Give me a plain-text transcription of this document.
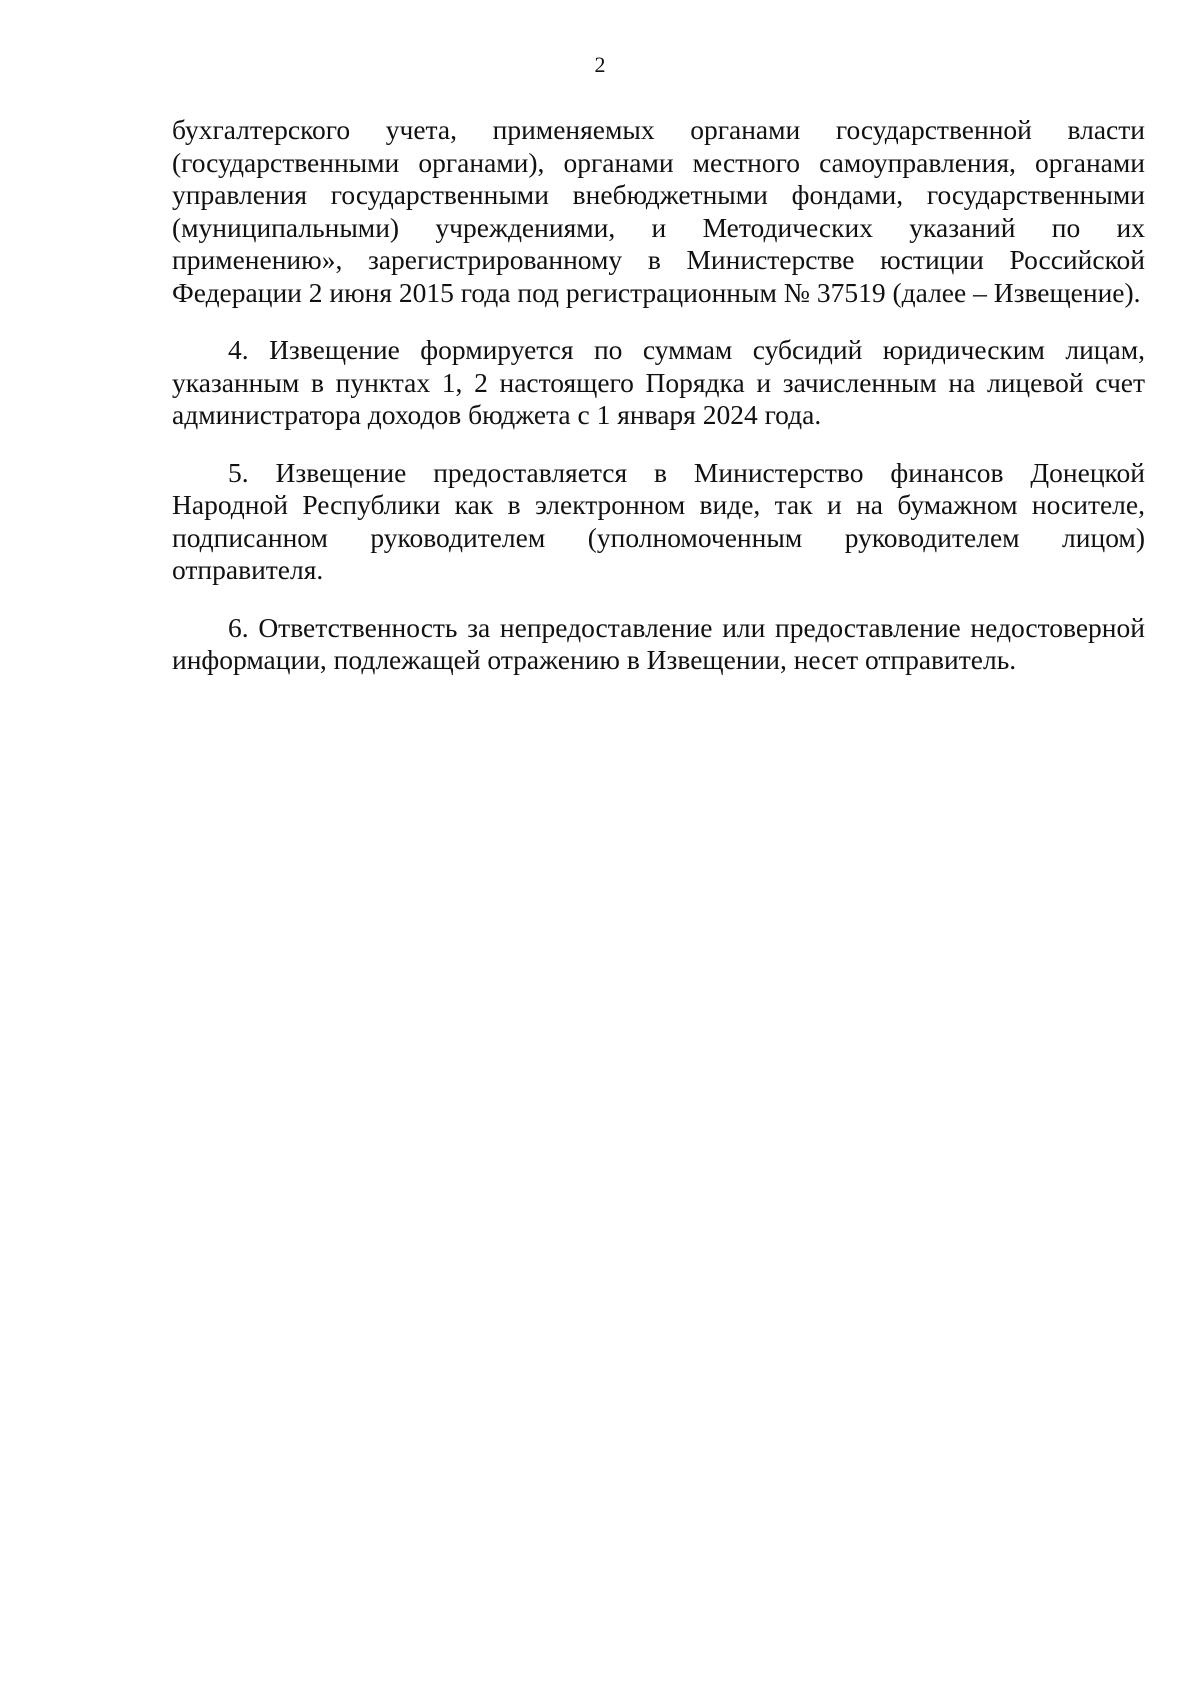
2

бухгалтерского учета, применяемых органами государственной власти (государственными органами), органами местного самоуправления, органами управления государственными внебюджетными фондами, государственными (муниципальными) учреждениями, и Методических указаний по их применению», зарегистрированному в Министерстве юстиции Российской Федерации 2 июня 2015 года под регистрационным № 37519 (далее – Извещение).

4. Извещение формируется по суммам субсидий юридическим лицам, указанным в пунктах 1, 2 настоящего Порядка и зачисленным на лицевой счет администратора доходов бюджета с 1 января 2024 года.

5. Извещение предоставляется в Министерство финансов Донецкой Народной Республики как в электронном виде, так и на бумажном носителе, подписанном руководителем (уполномоченным руководителем лицом) отправителя.

6. Ответственность за непредоставление или предоставление недостоверной информации, подлежащей отражению в Извещении, несет отправитель.
